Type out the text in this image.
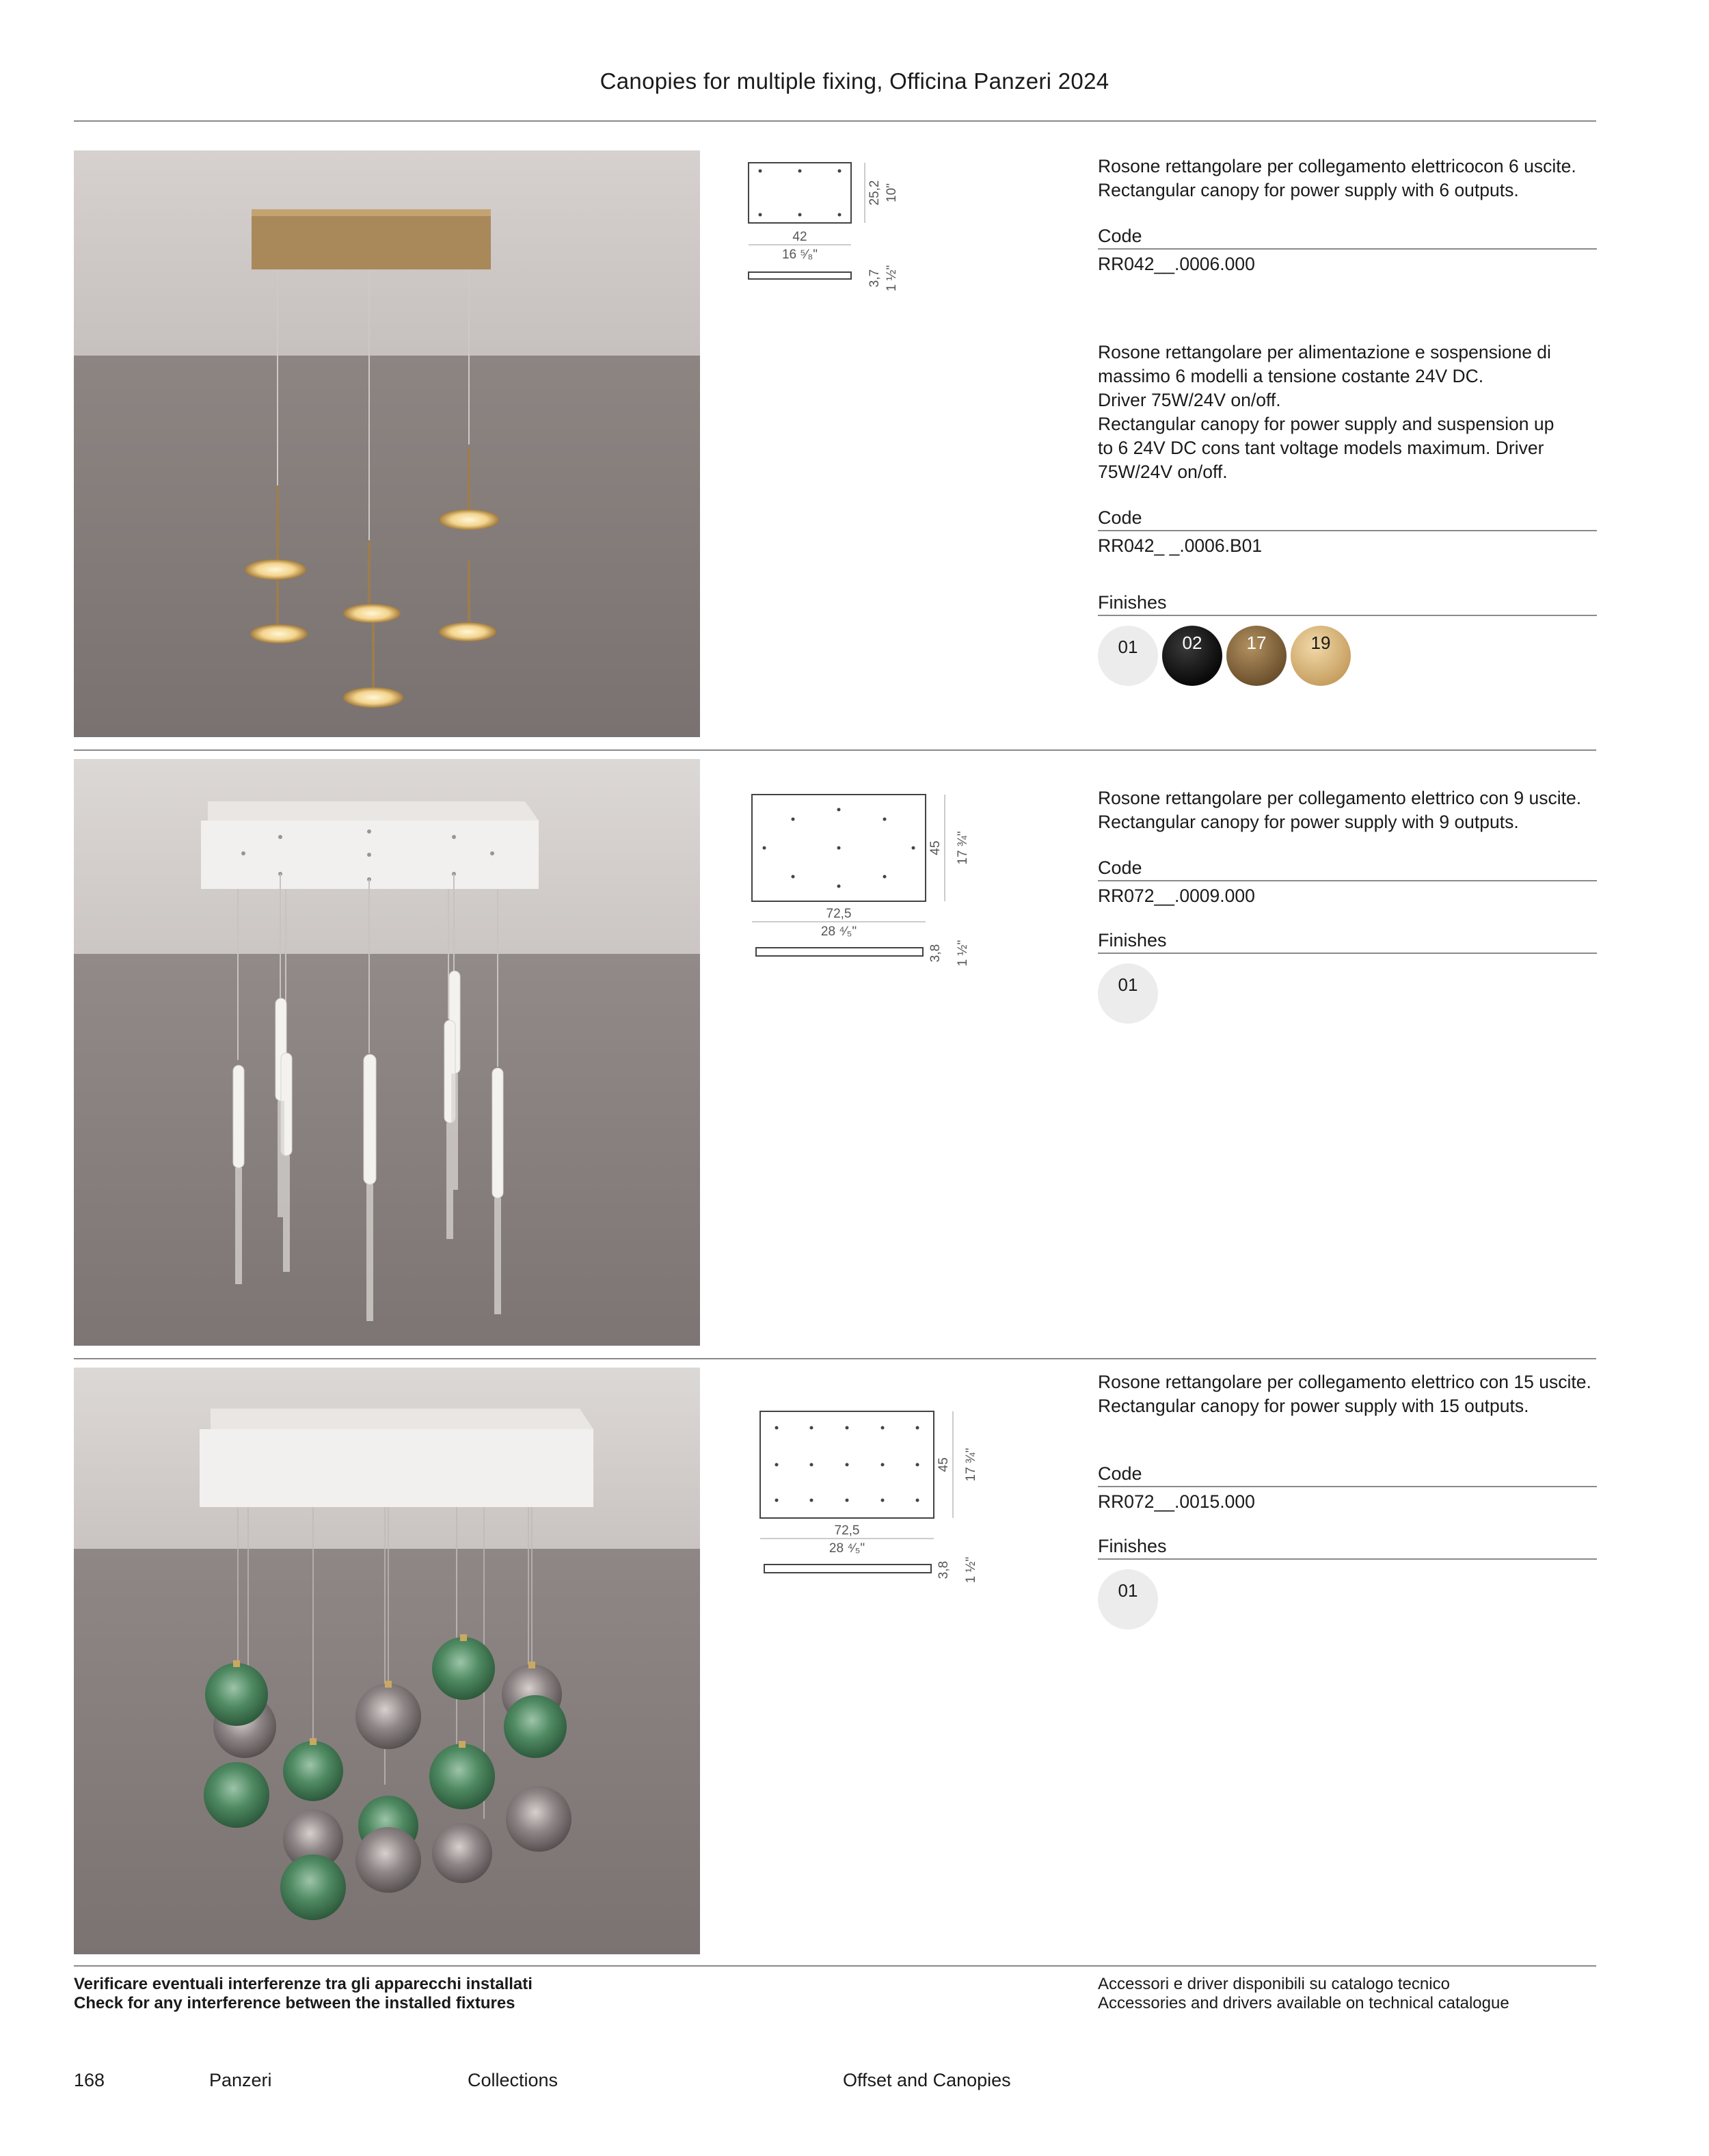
Canopies for multiple fixing, Officina Panzeri 2024
42
16 ⁵⁄₈"
25,2 10"
3,7 1 ½"
Rosone rettangolare per collegamento elettricocon 6 uscite.
Rectangular canopy for power supply with 6 outputs.
Code
RR042__.0006.000
Rosone rettangolare per alimentazione e sospensione di
massimo 6 modelli a tensione costante 24V DC.
Driver 75W/24V on/off.
Rectangular canopy for power supply and suspension up
to 6 24V DC cons tant voltage models maximum. Driver
75W/24V on/off.
Code
RR042_ _.0006.B01
Finishes
01	02	17	19
72,5
28 ⁴⁄₅"
45 17 ¾"
3,8 1 ½"
Rosone rettangolare per collegamento elettrico con 9 uscite.
Rectangular canopy for power supply with 9 outputs.
Code
RR072__.0009.000
Finishes
01
72,5
28 ⁴⁄₅"
45 17 ¾"
3,8 1 ½"
Rosone rettangolare per collegamento elettrico con 15 uscite.
Rectangular canopy for power supply with 15 outputs.
Code
RR072__.0015.000
Finishes
01
Verificare eventuali interferenze tra gli apparecchi installati
Check for any interference between the installed fixtures
Accessori e driver disponibili su catalogo tecnico
Accessories and drivers available on technical catalogue
168	Panzeri	Collections	Offset and Canopies
